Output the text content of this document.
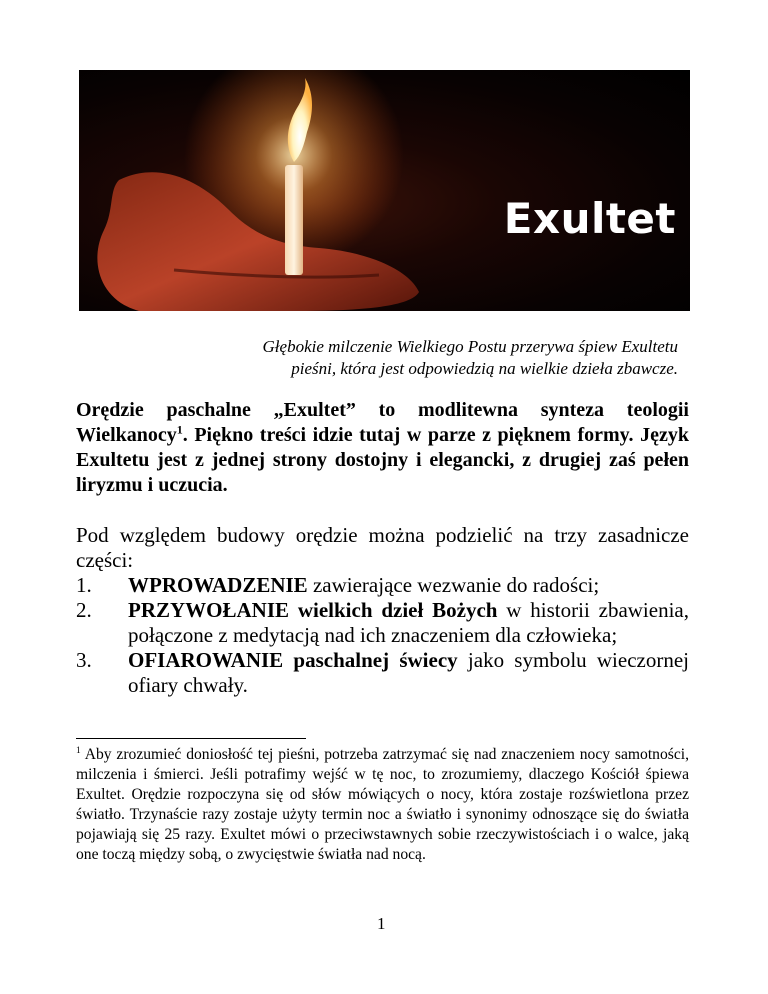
Exultet
Głębokie milczenie Wielkiego Postu przerywa śpiew Exultetu
pieśni, która jest odpowiedzią na wielkie dzieła zbawcze.
Orędzie paschalne „Exultet” to modlitewna synteza teologii Wielkanocy$^1$. Piękno treści idzie tutaj w parze z pięknem formy. Język Exultetu jest z jednej strony dostojny i elegancki, z drugiej zaś pełen liryzmu i uczucia.
Pod względem budowy orędzie można podzielić na trzy zasadnicze części:
1. WPROWADZENIE zawierające wezwanie do radości;
2. PRZYWOŁANIE wielkich dzieł Bożych w historii zbawienia, połączone z medytacją nad ich znaczeniem dla człowieka;
3. OFIAROWANIE paschalnej świecy jako symbolu wieczornej ofiary chwały.
$^1$ Aby zrozumieć doniosłość tej pieśni, potrzeba zatrzymać się nad znaczeniem nocy samotności, milczenia i śmierci. Jeśli potrafimy wejść w tę noc, to zrozumiemy, dlaczego Kościół śpiewa Exultet. Orędzie rozpoczyna się od słów mówiących o nocy, która zostaje rozświetlona przez światło. Trzynaście razy zostaje użyty termin noc a światło i synonimy odnoszące się do światła pojawiają się 25 razy. Exultet mówi o przeciwstawnych sobie rzeczywistościach i o walce, jaką one toczą między sobą, o zwycięstwie światła nad nocą.
1
